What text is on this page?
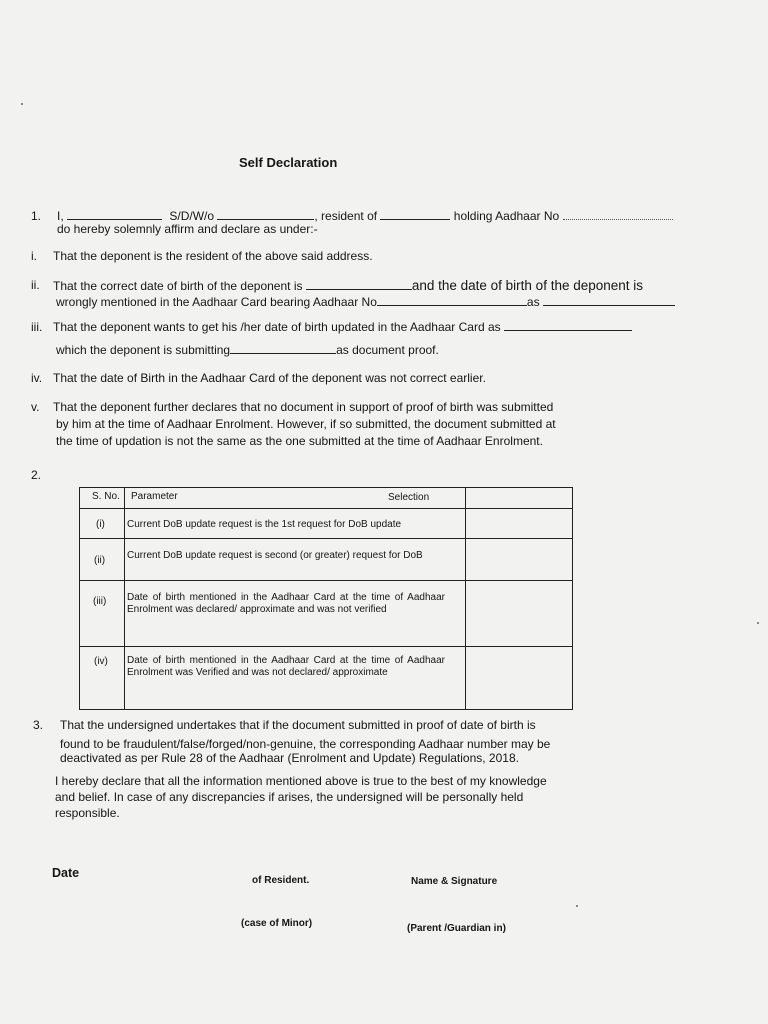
Self Declaration
1. I,	S/D/W/o	, resident of	holding Aadhaar No
do hereby solemnly affirm and declare as under:-
i. That the deponent is the resident of the above said address.
ii. That the correct date of birth of the deponent is	and the date of birth of the deponent is
wrongly mentioned in the Aadhaar Card bearing Aadhaar No	as
iii. That the deponent wants to get his /her date of birth updated in the Aadhaar Card as
which the deponent is submitting	as document proof.
iv. That the date of Birth in the Aadhaar Card of the deponent was not correct earlier.
v. That the deponent further declares that no document in support of proof of birth was submitted
by him at the time of Aadhaar Enrolment. However, if so submitted, the document submitted at
the time of updation is not the same as the one submitted at the time of Aadhaar Enrolment.
2.
S. No. Parameter	Selection
(i) Current DoB update request is the 1st request for DoB update
(ii) Current DoB update request is second (or greater) request for DoB
(iii) Date of birth mentioned in the Aadhaar Card at the time of Aadhaar Enrolment was declared/ approximate and was not verified
(iv) Date of birth mentioned in the Aadhaar Card at the time of Aadhaar Enrolment was Verified and was not declared/ approximate
3. That the undersigned undertakes that if the document submitted in proof of date of birth is
found to be fraudulent/false/forged/non-genuine, the corresponding Aadhaar number may be
deactivated as per Rule 28 of the Aadhaar (Enrolment and Update) Regulations, 2018.
I hereby declare that all the information mentioned above is true to the best of my knowledge
and belief. In case of any discrepancies if arises, the undersigned will be personally held
responsible.
Date
of Resident.	Name & Signature
(case of Minor)	(Parent /Guardian in)
